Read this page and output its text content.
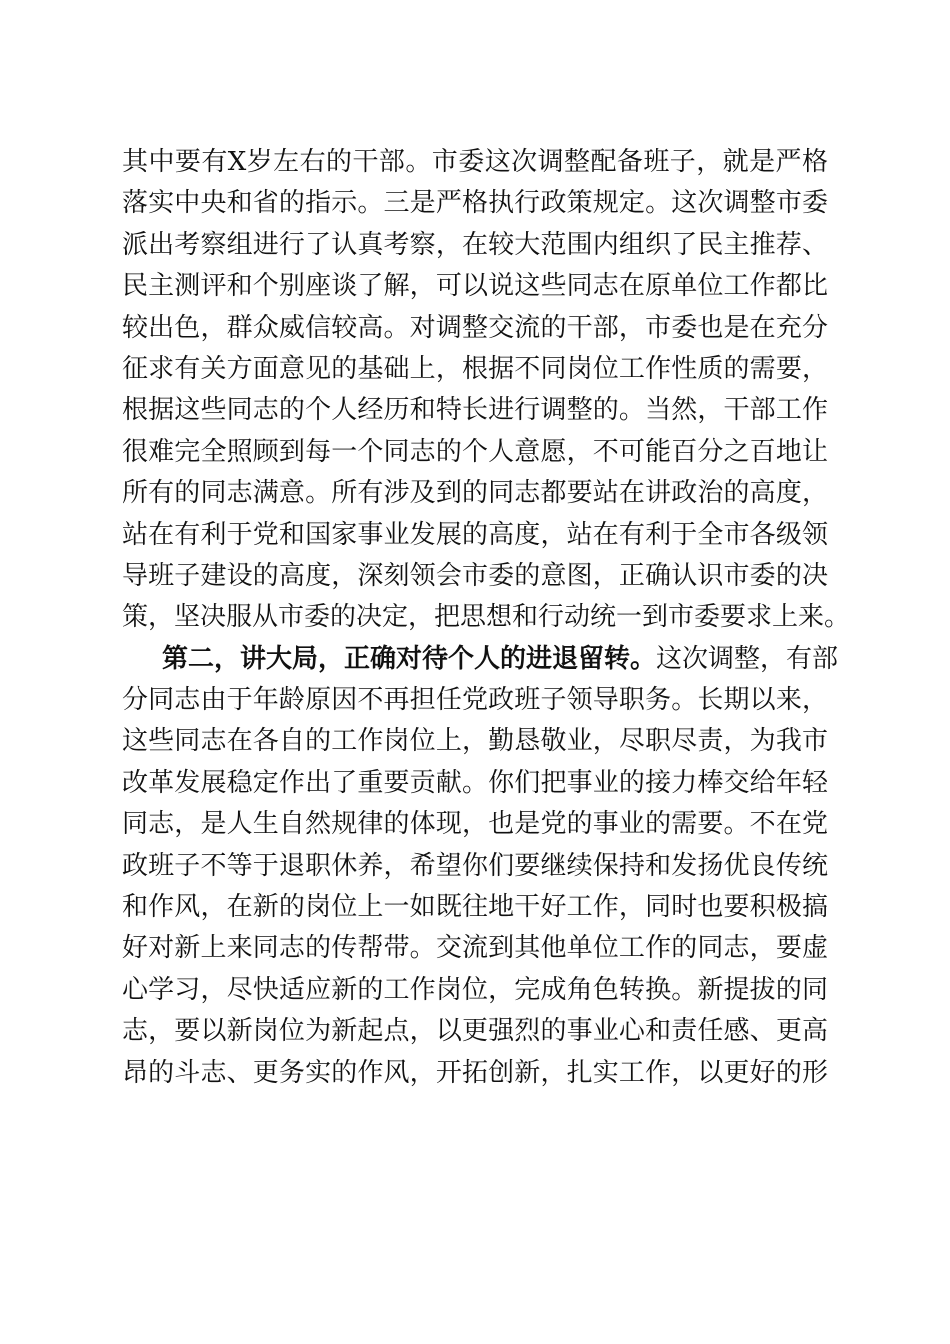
其中要有X岁左右的干部。市委这次调整配备班子，就是严格
落实中央和省的指示。三是严格执行政策规定。这次调整市委
派出考察组进行了认真考察，在较大范围内组织了民主推荐、
民主测评和个别座谈了解，可以说这些同志在原单位工作都比
较出色，群众威信较高。对调整交流的干部，市委也是在充分
征求有关方面意见的基础上，根据不同岗位工作性质的需要，
根据这些同志的个人经历和特长进行调整的。当然，干部工作
很难完全照顾到每一个同志的个人意愿，不可能百分之百地让
所有的同志满意。所有涉及到的同志都要站在讲政治的高度，
站在有利于党和国家事业发展的高度，站在有利于全市各级领
导班子建设的高度，深刻领会市委的意图，正确认识市委的决
策，坚决服从市委的决定，把思想和行动统一到市委要求上来。
第二，讲大局，正确对待个人的进退留转。这次调整，有部
分同志由于年龄原因不再担任党政班子领导职务。长期以来，
这些同志在各自的工作岗位上，勤恳敬业，尽职尽责，为我市
改革发展稳定作出了重要贡献。你们把事业的接力棒交给年轻
同志，是人生自然规律的体现，也是党的事业的需要。不在党
政班子不等于退职休养，希望你们要继续保持和发扬优良传统
和作风，在新的岗位上一如既往地干好工作，同时也要积极搞
好对新上来同志的传帮带。交流到其他单位工作的同志，要虚
心学习，尽快适应新的工作岗位，完成角色转换。新提拔的同
志，要以新岗位为新起点，以更强烈的事业心和责任感、更高
昂的斗志、更务实的作风，开拓创新，扎实工作，以更好的形
